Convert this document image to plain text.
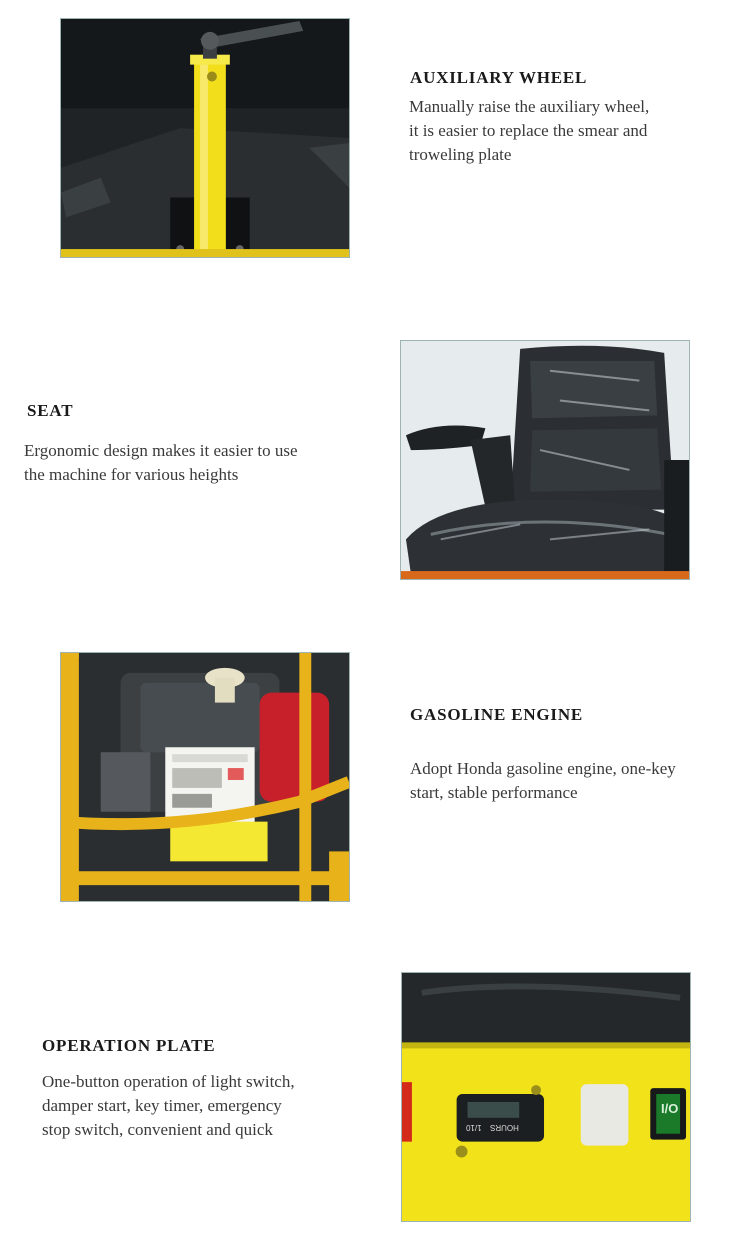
AUXILIARY WHEEL
Manually raise the auxiliary wheel,
it is easier to replace the smear and
troweling plate
SEAT
Ergonomic design makes it easier to use
the machine for various heights
GASOLINE ENGINE
Adopt Honda gasoline engine, one-key
start, stable performance
HOURS
1/10
I/O
OPERATION PLATE
One-button operation of light switch,
damper start, key timer, emergency
stop switch, convenient and quick
